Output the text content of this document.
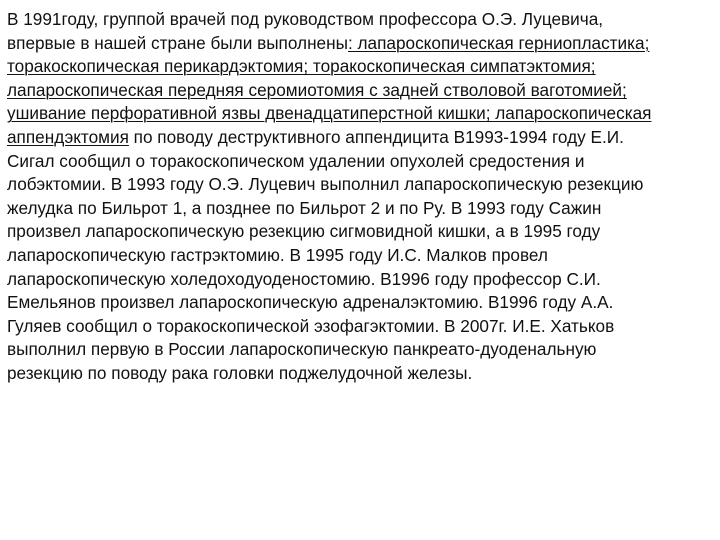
В 1991году, группой врачей под руководством профессора О.Э. Луцевича,
впервые в нашей стране были выполнены: лапароскопическая герниопластика;
торакоскопическая перикардэктомия; торакоскопическая симпатэктомия;
лапароскопическая передняя серомиотомия с задней стволовой ваготомией;
ушивание перфоративной язвы двенадцатиперстной кишки; лапароскопическая
аппендэктомия по поводу деструктивного аппендицита В1993-1994 году Е.И.
Сигал сообщил о торакоскопическом удалении опухолей средостения и
лобэктомии. В 1993 году О.Э. Луцевич выполнил лапароскопическую резекцию
желудка по Бильрот 1, а позднее по Бильрот 2 и по Ру. В 1993 году Сажин
произвел лапароскопическую резекцию сигмовидной кишки, а в 1995 году
лапароскопическую гастрэктомию. В 1995 году И.С. Малков провел
лапароскопическую холедоходуоденостомию. В1996 году профессор С.И.
Емельянов произвел лапароскопическую адреналэктомию. В1996 году А.А.
Гуляев сообщил о торакоскопической эзофагэктомии. В 2007г. И.Е. Хатьков
выполнил первую в России лапароскопическую панкреато-дуоденальную
резекцию по поводу рака головки поджелудочной железы.
